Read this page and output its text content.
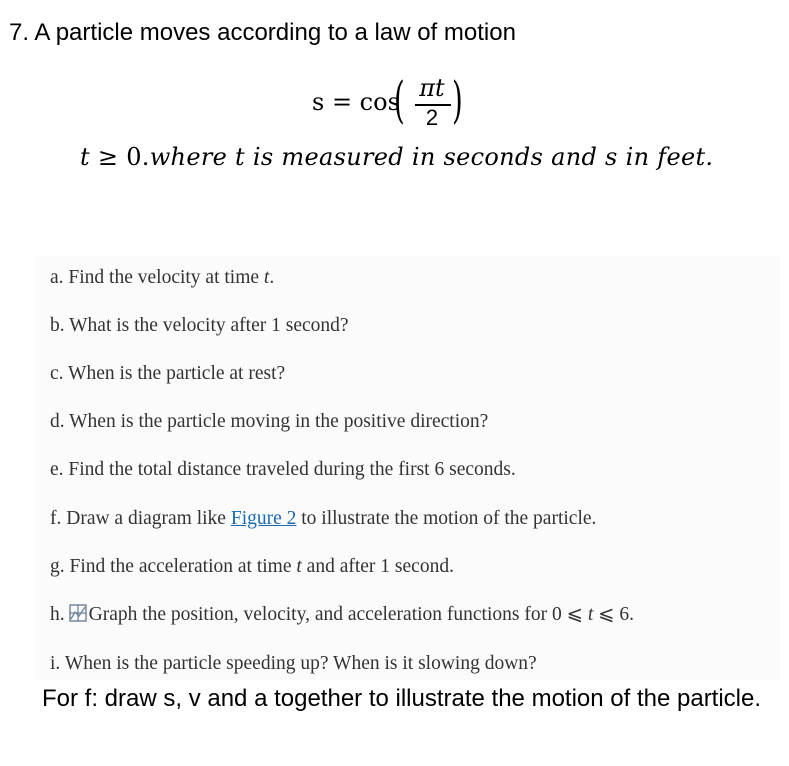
7. A particle moves according to a law of motion
s = cos
( πt
2 )
t ≥ 0.where t is measured in seconds and s in feet.
a. Find the velocity at time t.
b. What is the velocity after 1 second?
c. When is the particle at rest?
d. When is the particle moving in the positive direction?
e. Find the total distance traveled during the first 6 seconds.
f. Draw a diagram like Figure 2 to illustrate the motion of the particle.
g. Find the acceleration at time t and after 1 second.
h. Graph the position, velocity, and acceleration functions for 0 ⩽ t ⩽ 6.
i. When is the particle speeding up? When is it slowing down?
For f: draw s, v and a together to illustrate the motion of the particle.
